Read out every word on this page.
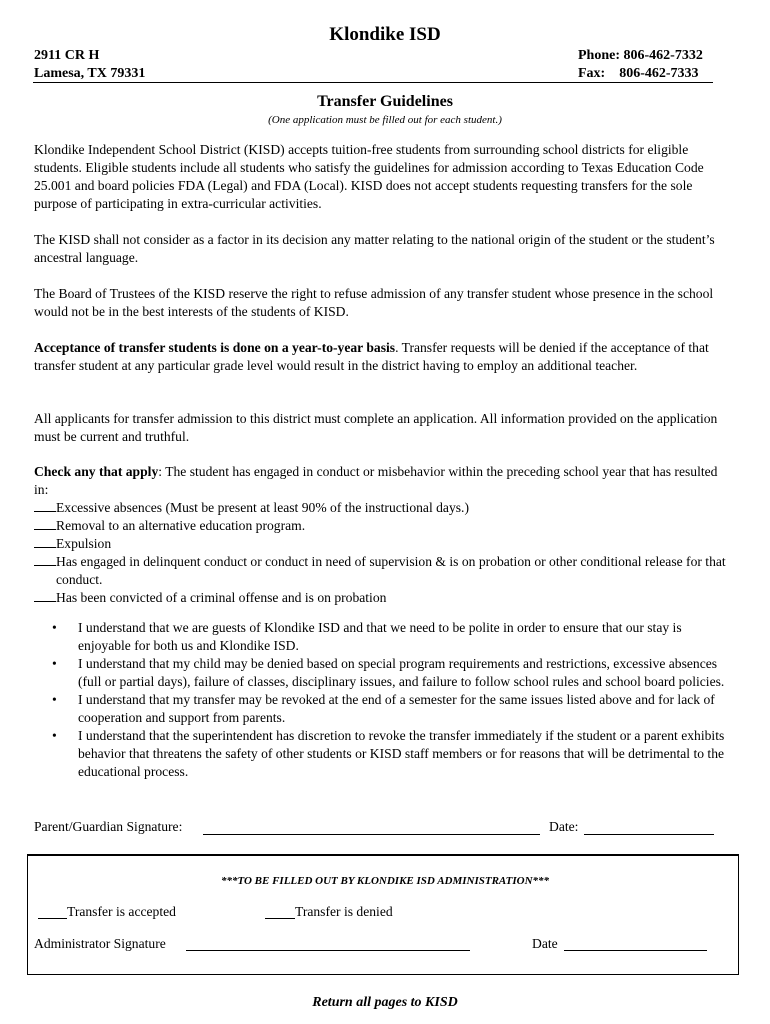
Klondike ISD
2911 CR H
Lamesa, TX 79331
Phone: 806-462-7332
Fax:    806-462-7333
Transfer Guidelines
(One application must be filled out for each student.)

Klondike Independent School District (KISD) accepts tuition-free students from surrounding school districts for eligible students. Eligible students include all students who satisfy the guidelines for admission according to Texas Education Code 25.001 and board policies FDA (Legal) and FDA (Local). KISD does not accept students requesting transfers for the sole purpose of participating in extra-curricular activities.

The KISD shall not consider as a factor in its decision any matter relating to the national origin of the student or the student’s ancestral language.

The Board of Trustees of the KISD reserve the right to refuse admission of any transfer student whose presence in the school would not be in the best interests of the students of KISD.

Acceptance of transfer students is done on a year-to-year basis. Transfer requests will be denied if the acceptance of that transfer student at any particular grade level would result in the district having to employ an additional teacher.

All applicants for transfer admission to this district must complete an application. All information provided on the application must be current and truthful.

Check any that apply: The student has engaged in conduct or misbehavior within the preceding school year that has resulted in:

Excessive absences (Must be present at least 90% of the instructional days.)
Removal to an alternative education program.
Expulsion
Has engaged in delinquent conduct or conduct in need of supervision & is on probation or other conditional release for that conduct.
Has been convicted of a criminal offense and is on probation
• I understand that we are guests of Klondike ISD and that we need to be polite in order to ensure that our stay is enjoyable for both us and Klondike ISD.
• I understand that my child may be denied based on special program requirements and restrictions, excessive absences (full or partial days), failure of classes, disciplinary issues, and failure to follow school rules and school board policies.
• I understand that my transfer may be revoked at the end of a semester for the same issues listed above and for lack of cooperation and support from parents.
• I understand that the superintendent has discretion to revoke the transfer immediately if the student or a parent exhibits behavior that threatens the safety of other students or KISD staff members or for reasons that will be detrimental to the educational process.
Parent/Guardian Signature:	Date:
***TO BE FILLED OUT BY KLONDIKE ISD ADMINISTRATION***
Transfer is accepted	Transfer is denied
Administrator Signature	Date
Return all pages to KISD
